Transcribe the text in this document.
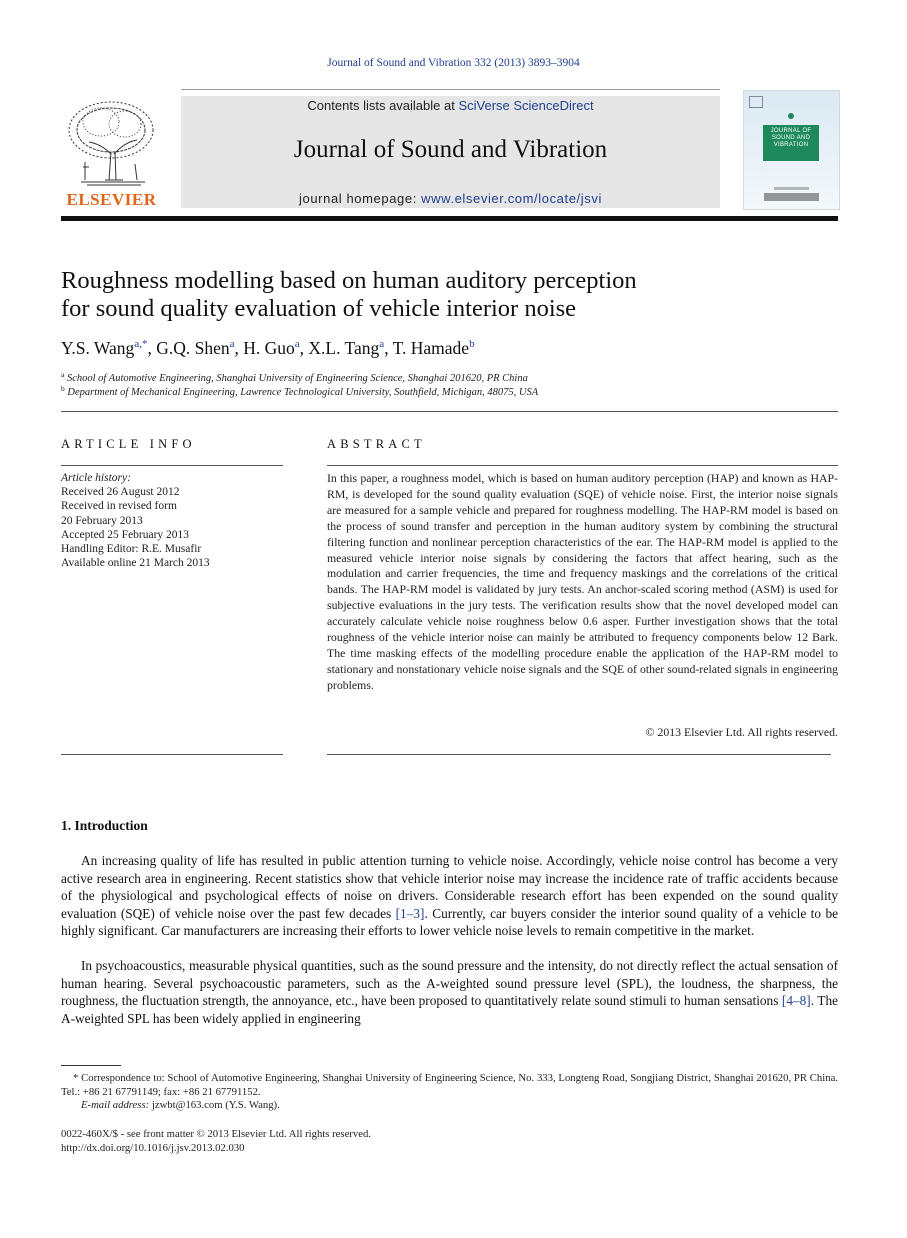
Journal of Sound and Vibration 332 (2013) 3893–3904
ELSEVIER
Contents lists available at SciVerse ScienceDirect
Journal of Sound and Vibration
journal homepage: www.elsevier.com/locate/jsvi
JOURNAL OF SOUND AND VIBRATION
Roughness modelling based on human auditory perception
for sound quality evaluation of vehicle interior noise
Y.S. Wang$^{a,*}$, G.Q. Shen$^a$, H. Guo$^a$, X.L. Tang$^a$, T. Hamade$^b$
$^a$ School of Automotive Engineering, Shanghai University of Engineering Science, Shanghai 201620, PR China
$^b$ Department of Mechanical Engineering, Lawrence Technological University, Southfield, Michigan, 48075, USA
ARTICLE INFO	ABSTRACT
Article history:
Received 26 August 2012
Received in revised form
20 February 2013
Accepted 25 February 2013
Handling Editor: R.E. Musafir
Available online 21 March 2013
In this paper, a roughness model, which is based on human auditory perception (HAP) and known as HAP-RM, is developed for the sound quality evaluation (SQE) of vehicle noise. First, the interior noise signals are measured for a sample vehicle and prepared for roughness modelling. The HAP-RM model is based on the process of sound transfer and perception in the human auditory system by combining the structural filtering function and nonlinear perception characteristics of the ear. The HAP-RM model is applied to the measured vehicle interior noise signals by considering the factors that affect hearing, such as the modulation and carrier frequencies, the time and frequency maskings and the correlations of the critical bands. The HAP-RM model is validated by jury tests. An anchor-scaled scoring method (ASM) is used for subjective evaluations in the jury tests. The verification results show that the novel developed model can accurately calculate vehicle noise roughness below 0.6 asper. Further investigation shows that the total roughness of the vehicle interior noise can mainly be attributed to frequency components below 12 Bark. The time masking effects of the modelling procedure enable the application of the HAP-RM model to stationary and nonstationary vehicle noise signals and the SQE of other sound-related signals in engineering problems.
© 2013 Elsevier Ltd. All rights reserved.
1. Introduction

An increasing quality of life has resulted in public attention turning to vehicle noise. Accordingly, vehicle noise control has become a very active research area in engineering. Recent statistics show that vehicle interior noise may increase the incidence rate of traffic accidents because of the physiological and psychological effects of noise on drivers. Considerable research effort has been expended on the sound quality evaluation (SQE) of vehicle noise over the past few decades [1–3]. Currently, car buyers consider the interior sound quality of a vehicle to be highly significant. Car manufacturers are increasing their efforts to lower vehicle noise levels to remain competitive in the market.

In psychoacoustics, measurable physical quantities, such as the sound pressure and the intensity, do not directly reflect the actual sensation of human hearing. Several psychoacoustic parameters, such as the A-weighted sound pressure level (SPL), the loudness, the sharpness, the roughness, the fluctuation strength, the annoyance, etc., have been proposed to quantitatively relate sound stimuli to human sensations [4–8]. The A-weighted SPL has been widely applied in engineering

* Correspondence to: School of Automotive Engineering, Shanghai University of Engineering Science, No. 333, Longteng Road, Songjiang District, Shanghai 201620, PR China. Tel.: +86 21 67791149; fax: +86 21 67791152.
E-mail address: jzwbt@163.com (Y.S. Wang).
0022-460X/$ - see front matter © 2013 Elsevier Ltd. All rights reserved.
http://dx.doi.org/10.1016/j.jsv.2013.02.030
